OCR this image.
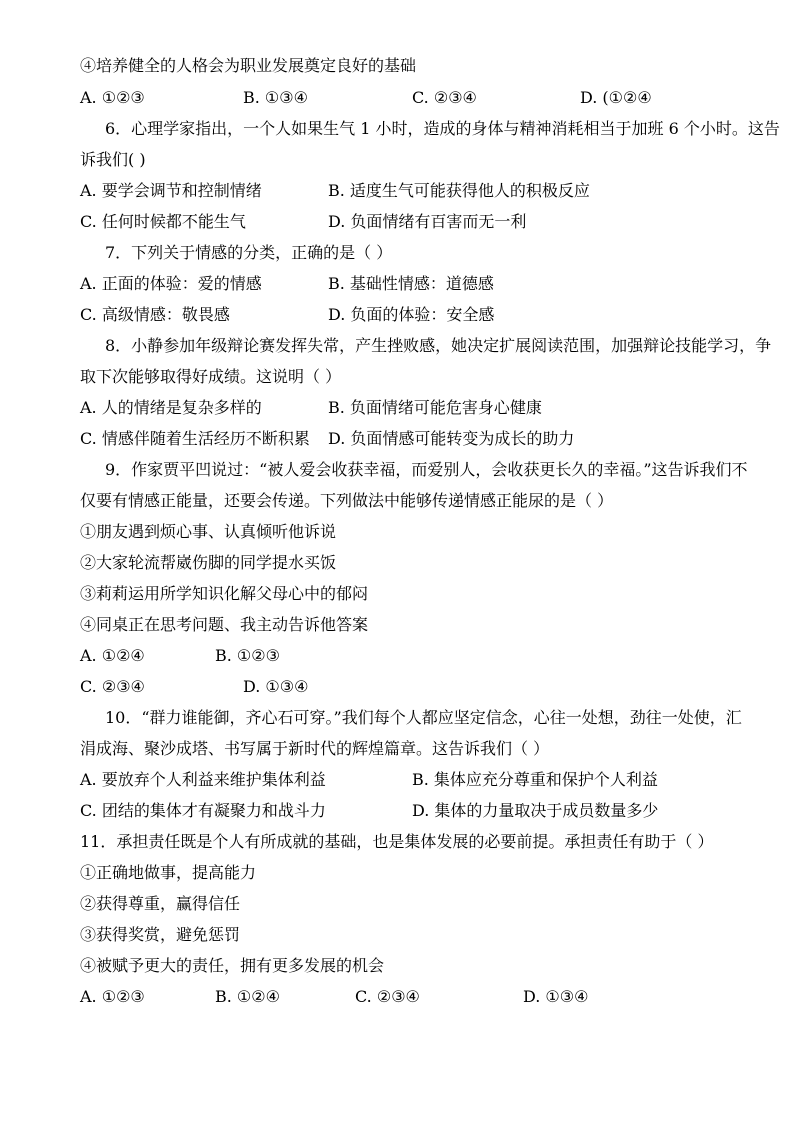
④培养健全的人格会为职业发展奠定良好的基础
A. ①②③	B. ①③④	C. ②③④	D. (①②④
6．心理学家指出，一个人如果生气 1 小时，造成的身体与精神消耗相当于加班 6 个小时。这告
诉我们( )
A. 要学会调节和控制情绪	B. 适度生气可能获得他人的积极反应
C. 任何时候都不能生气	D. 负面情绪有百害而无一利
7．下列关于情感的分类，正确的是（ ）
A. 正面的体验：爱的情感	B. 基础性情感：道德感
C. 高级情感：敬畏感	D. 负面的体验：安全感
8．小静参加年级辩论赛发挥失常，产生挫败感，她决定扩展阅读范围，加强辩论技能学习，争
取下次能够取得好成绩。这说明（ ）
A. 人的情绪是复杂多样的	B. 负面情绪可能危害身心健康
C. 情感伴随着生活经历不断积累 D. 负面情感可能转变为成长的助力
9．作家贾平凹说过：“被人爱会收获幸福，而爱别人，会收获更长久的幸福。”这告诉我们不
仅要有情感正能量，还要会传递。下列做法中能够传递情感正能尿的是（ ）
①朋友遇到烦心事、认真倾听他诉说
②大家轮流帮崴伤脚的同学提水买饭
③莉莉运用所学知识化解父母心中的郁闷
④同桌正在思考问题、我主动告诉他答案
A. ①②④	B. ①②③
C. ②③④	D. ①③④
10．“群力谁能御，齐心石可穿。”我们每个人都应坚定信念，心往一处想，劲往一处使，汇
涓成海、聚沙成塔、书写属于新时代的辉煌篇章。这告诉我们（ ）
A. 要放弃个人利益来维护集体利益	B. 集体应充分尊重和保护个人利益
C. 团结的集体才有凝聚力和战斗力	D. 集体的力量取决于成员数量多少
11．承担责任既是个人有所成就的基础，也是集体发展的必要前提。承担责任有助于（ ）
①正确地做事，提高能力
②获得尊重，赢得信任
③获得奖赏，避免惩罚
④被赋予更大的责任，拥有更多发展的机会
A. ①②③	B. ①②④	C. ②③④	D. ①③④
